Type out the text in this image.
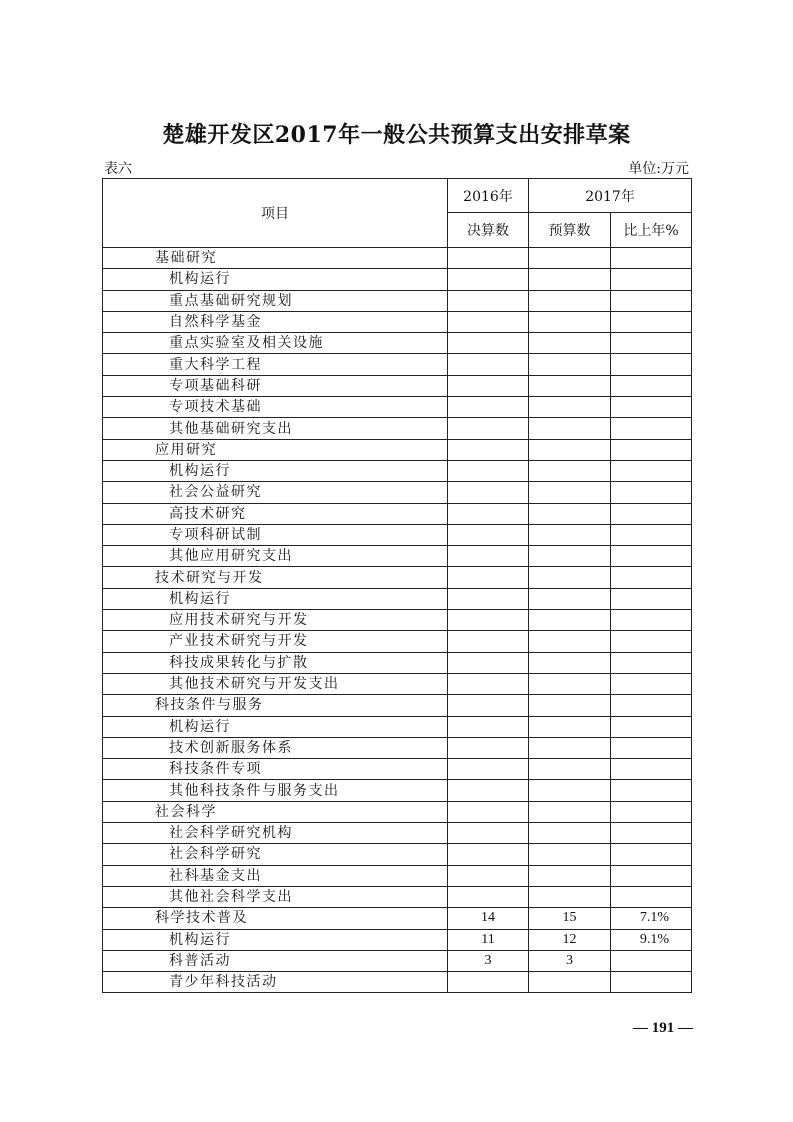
楚雄开发区2017年一般公共预算支出安排草案
表六	单位:万元
项目	2016年	2017年	
	决算数	预算数	比上年%
基础研究			
机构运行			
重点基础研究规划			
自然科学基金			
重点实验室及相关设施			
重大科学工程			
专项基础科研			
专项技术基础			
其他基础研究支出			
应用研究			
机构运行			
社会公益研究			
高技术研究			
专项科研试制			
其他应用研究支出			
技术研究与开发			
机构运行			
应用技术研究与开发			
产业技术研究与开发			
科技成果转化与扩散			
其他技术研究与开发支出			
科技条件与服务			
机构运行			
技术创新服务体系			
科技条件专项			
其他科技条件与服务支出			
社会科学			
社会科学研究机构			
社会科学研究			
社科基金支出			
其他社会科学支出			
科学技术普及	14	15	7.1%
机构运行	11	12	9.1%
科普活动	3	3	
青少年科技活动			
— 191 —
